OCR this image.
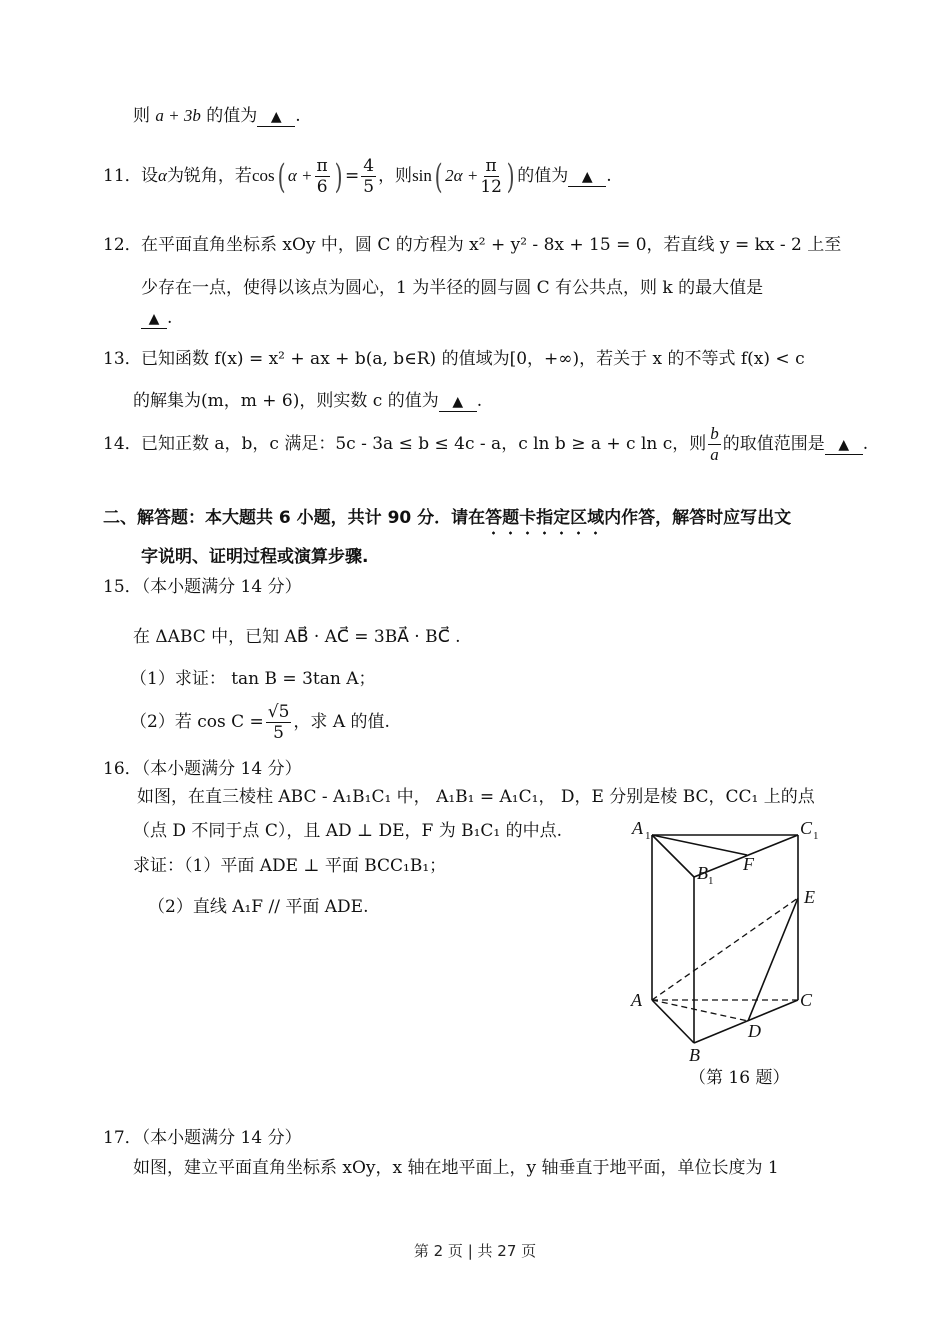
则 a + 3b 的值为 ▲ .
11．设α为锐角，若cos( $\alpha + \frac{\pi}{6}$ ) = $\frac{4}{5}$ ，则sin( $2\alpha + \frac{\pi}{12}$ ) 的值为 ▲ .
12．在平面直角坐标系 xOy 中，圆 C 的方程为 x² + y² - 8x + 15 = 0，若直线 y = kx - 2 上至
少存在一点，使得以该点为圆心，1 为半径的圆与圆 C 有公共点，则 k 的最大值是
▲ .
13．已知函数 f(x) = x² + ax + b(a, b∈R) 的值域为[0，+∞)，若关于 x 的不等式 f(x) < c
的解集为(m，m + 6)，则实数 c 的值为 ▲ .
14．已知正数 a，b，c 满足：5c - 3a ≤ b ≤ 4c - a，c ln b ≥ a + c ln c，则 $\frac{b}{a}$ 的取值范围是 ▲ .
二、解答题：本大题共 6 小题，共计 90 分．请在答题卡指定区域内作答，解答时应写出文
字说明、证明过程或演算步骤.
15．（本小题满分 14 分）
在 ΔABC 中，已知 AB⃗ · AC⃗ = 3BA⃗ · BC⃗ .
（1）求证： tan B = 3tan A；
（2）若 $\cos C = \frac{√5}{5}$ ，求 A 的值.
16．（本小题满分 14 分）
如图，在直三棱柱 ABC - A₁B₁C₁ 中， A₁B₁ = A₁C₁， D，E 分别是棱 BC，CC₁ 上的点
（点 D 不同于点 C），且 AD ⊥ DE，F 为 B₁C₁ 的中点.
求证：（1）平面 ADE ⊥ 平面 BCC₁B₁；
（2）直线 A₁F // 平面 ADE.
A 1	C 1
B 1
F
E
A	C
D
B
（第 16 题）
17．（本小题满分 14 分）
如图，建立平面直角坐标系 xOy，x 轴在地平面上，y 轴垂直于地平面，单位长度为 1
第 2 页 | 共 27 页
